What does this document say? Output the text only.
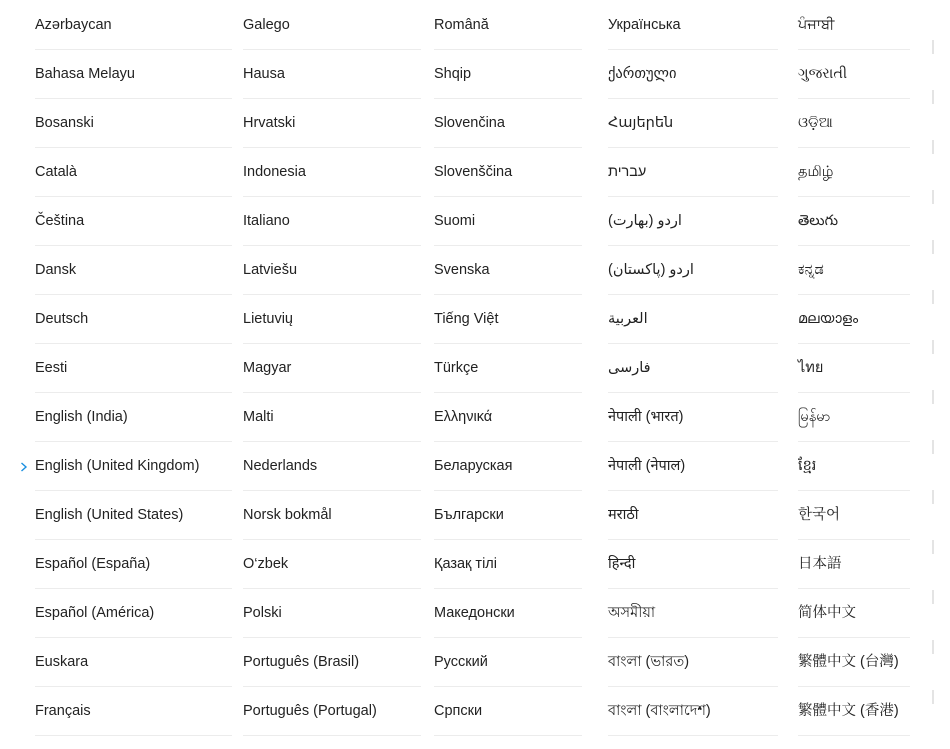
Azərbaycan
Bahasa Melayu
Bosanski
Català
Čeština
Dansk
Deutsch
Eesti
English (India)
English (United Kingdom)
English (United States)
Español (España)
Español (América)
Euskara
Français
Galego
Hausa
Hrvatski
Indonesia
Italiano
Latviešu
Lietuvių
Magyar
Malti
Nederlands
Norsk bokmål
O‘zbek
Polski
Português (Brasil)
Português (Portugal)
Română
Shqip
Slovenčina
Slovenščina
Suomi
Svenska
Tiếng Việt
Türkçe
Ελληνικά
Беларуская
Български
Қазақ тілі
Македонски
Русский
Српски
Українська
ქართული
Հայերեն
עברית
اردو (بھارت)
اردو (پاکستان)
العربية
فارسی
नेपाली (भारत)
नेपाली (नेपाल)
मराठी
हिन्दी
অসমীয়া
বাংলা (ভারত)
বাংলা (বাংলাদেশ)
ਪੰਜਾਬੀ
ગુજરાતી
ଓଡ଼ିଆ
தமிழ்
తెలుగు
ಕನ್ನಡ
മലയാളം
ไทย
မြန်မာ
ខ្មែរ
한국어
日本語
简体中文
繁體中文 (台灣)
繁體中文 (香港)
